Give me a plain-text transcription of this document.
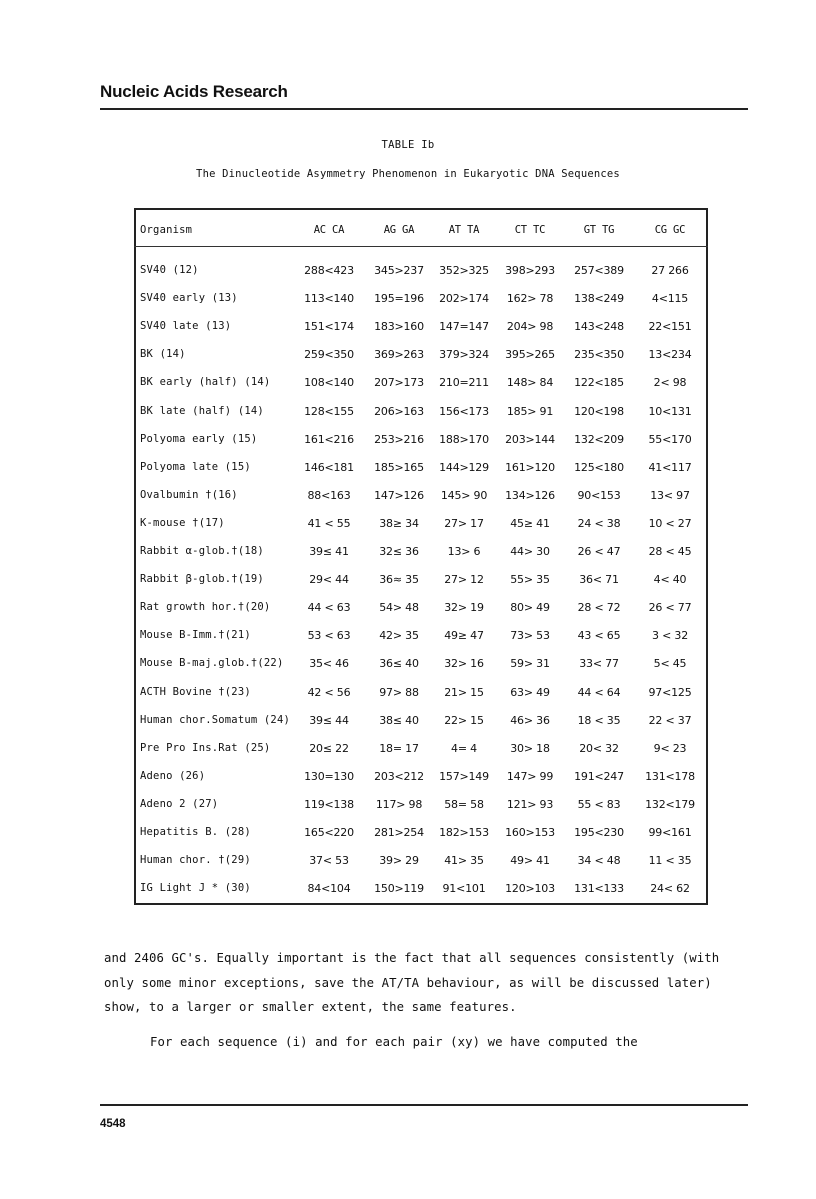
Nucleic Acids Research
TABLE Ib
The Dinucleotide Asymmetry Phenomenon in Eukaryotic DNA Sequences
Organism	AC CA	AG GA	AT TA	CT TC	GT TG	CG GC
SV40 (12)	288<423	345>237	352>325	398>293	257<389	27 266
SV40 early (13)	113<140	195=196	202>174	162> 78	138<249	4<115
SV40 late (13)	151<174	183>160	147=147	204> 98	143<248	22<151
BK (14)	259<350	369>263	379>324	395>265	235<350	13<234
BK early (half) (14)	108<140	207>173	210=211	148> 84	122<185	2< 98
BK late (half) (14)	128<155	206>163	156<173	185> 91	120<198	10<131
Polyoma early (15)	161<216	253>216	188>170	203>144	132<209	55<170
Polyoma late (15)	146<181	185>165	144>129	161>120	125<180	41<117
Ovalbumin †(16)	88<163	147>126	145> 90	134>126	90<153	13< 97
K-mouse †(17)	41 < 55	38≥ 34	27> 17	45≥ 41	24 < 38	10 < 27
Rabbit α-glob.†(18)	39≤ 41	32≤ 36	13> 6	44> 30	26 < 47	28 < 45
Rabbit β-glob.†(19)	29< 44	36≈ 35	27> 12	55> 35	36< 71	4< 40
Rat growth hor.†(20)	44 < 63	54> 48	32> 19	80> 49	28 < 72	26 < 77
Mouse B-Imm.†(21)	53 < 63	42> 35	49≥ 47	73> 53	43 < 65	3 < 32
Mouse B-maj.glob.†(22)	35< 46	36≤ 40	32> 16	59> 31	33< 77	5< 45
ACTH Bovine †(23)	42 < 56	97> 88	21> 15	63> 49	44 < 64	97<125
Human chor.Somatum (24)	39≤ 44	38≤ 40	22> 15	46> 36	18 < 35	22 < 37
Pre Pro Ins.Rat (25)	20≤ 22	18= 17	4= 4	30> 18	20< 32	9< 23
Adeno (26)	130=130	203<212	157>149	147> 99	191<247	131<178
Adeno 2 (27)	119<138	117> 98	58= 58	121> 93	55 < 83	132<179
Hepatitis B. (28)	165<220	281>254	182>153	160>153	195<230	99<161
Human chor. †(29)	37< 53	39> 29	41> 35	49> 41	34 < 48	11 < 35
IG Light J * (30)	84<104	150>119	91<101	120>103	131<133	24< 62

and 2406 GC's. Equally important is the fact that all sequences consistently (with only some minor exceptions, save the AT/TA behaviour, as will be discussed later) show, to a larger or smaller extent, the same features.

For each sequence (i) and for each pair (xy) we have computed the

4548
